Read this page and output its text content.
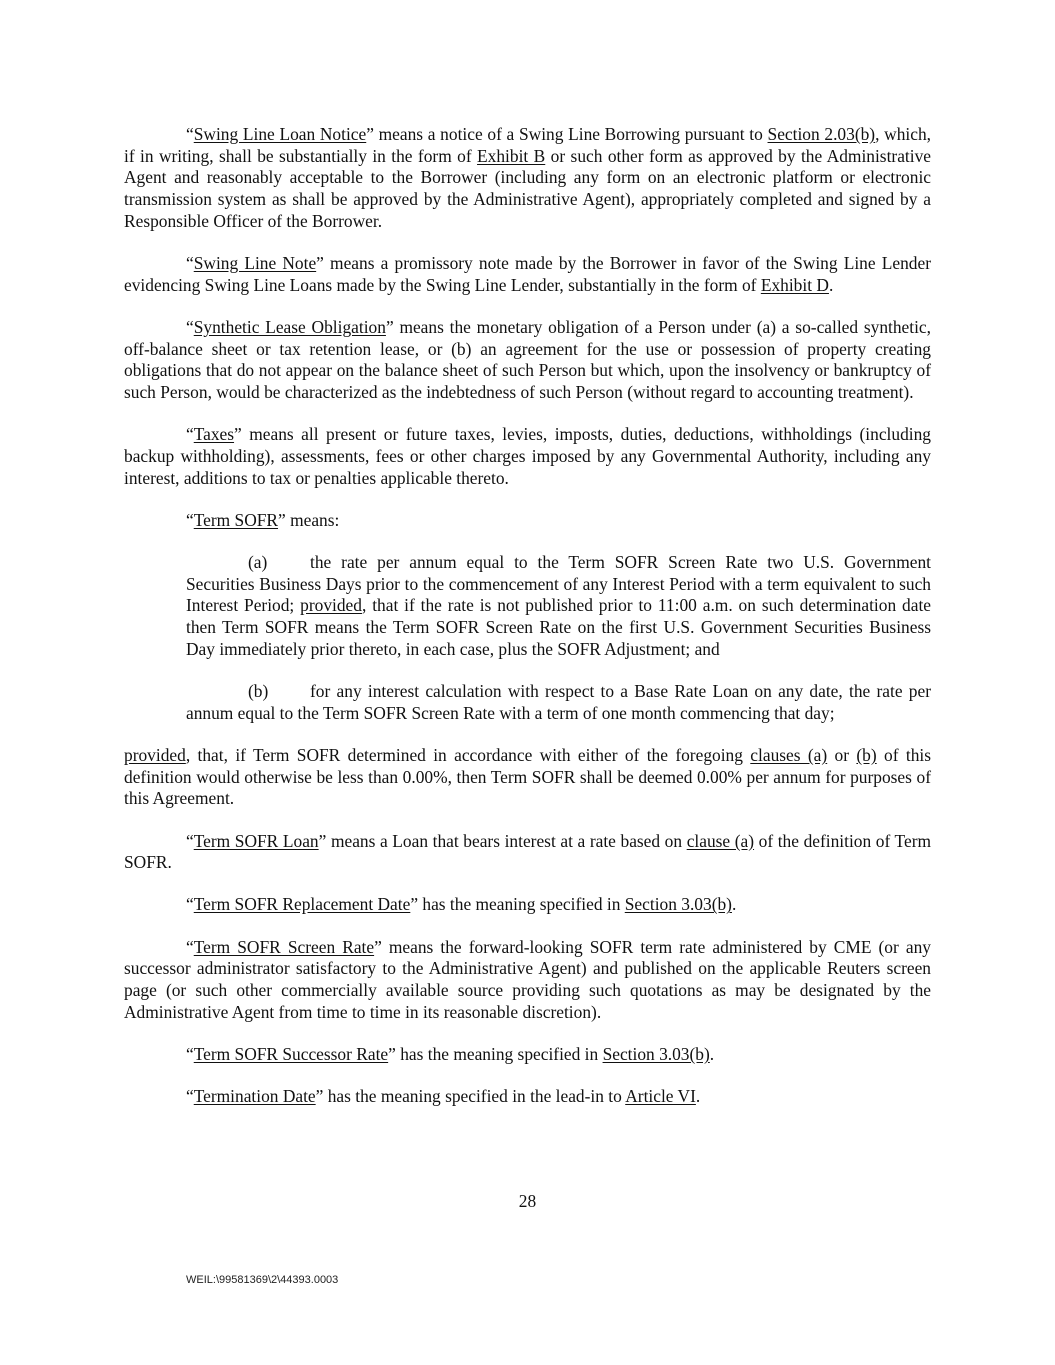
“Swing Line Loan Notice” means a notice of a Swing Line Borrowing pursuant to Section 2.03(b), which, if in writing, shall be substantially in the form of Exhibit B or such other form as approved by the Administrative Agent and reasonably acceptable to the Borrower (including any form on an electronic platform or electronic transmission system as shall be approved by the Administrative Agent), appropriately completed and signed by a Responsible Officer of the Borrower.

“Swing Line Note” means a promissory note made by the Borrower in favor of the Swing Line Lender evidencing Swing Line Loans made by the Swing Line Lender, substantially in the form of Exhibit D.

“Synthetic Lease Obligation” means the monetary obligation of a Person under (a) a so-called synthetic, off-balance sheet or tax retention lease, or (b) an agreement for the use or possession of property creating obligations that do not appear on the balance sheet of such Person but which, upon the insolvency or bankruptcy of such Person, would be characterized as the indebtedness of such Person (without regard to accounting treatment).

“Taxes” means all present or future taxes, levies, imposts, duties, deductions, withholdings (including backup withholding), assessments, fees or other charges imposed by any Governmental Authority, including any interest, additions to tax or penalties applicable thereto.

“Term SOFR” means:

(a) the rate per annum equal to the Term SOFR Screen Rate two U.S. Government Securities Business Days prior to the commencement of any Interest Period with a term equivalent to such Interest Period; provided, that if the rate is not published prior to 11:00 a.m. on such determination date then Term SOFR means the Term SOFR Screen Rate on the first U.S. Government Securities Business Day immediately prior thereto, in each case, plus the SOFR Adjustment; and

(b) for any interest calculation with respect to a Base Rate Loan on any date, the rate per annum equal to the Term SOFR Screen Rate with a term of one month commencing that day;

provided, that, if Term SOFR determined in accordance with either of the foregoing clauses (a) or (b) of this definition would otherwise be less than 0.00%, then Term SOFR shall be deemed 0.00% per annum for purposes of this Agreement.

“Term SOFR Loan” means a Loan that bears interest at a rate based on clause (a) of the definition of Term SOFR.

“Term SOFR Replacement Date” has the meaning specified in Section 3.03(b).

“Term SOFR Screen Rate” means the forward-looking SOFR term rate administered by CME (or any successor administrator satisfactory to the Administrative Agent) and published on the applicable Reuters screen page (or such other commercially available source providing such quotations as may be designated by the Administrative Agent from time to time in its reasonable discretion).

“Term SOFR Successor Rate” has the meaning specified in Section 3.03(b).

“Termination Date” has the meaning specified in the lead-in to Article VI.

28
WEIL:\99581369\2\44393.0003
